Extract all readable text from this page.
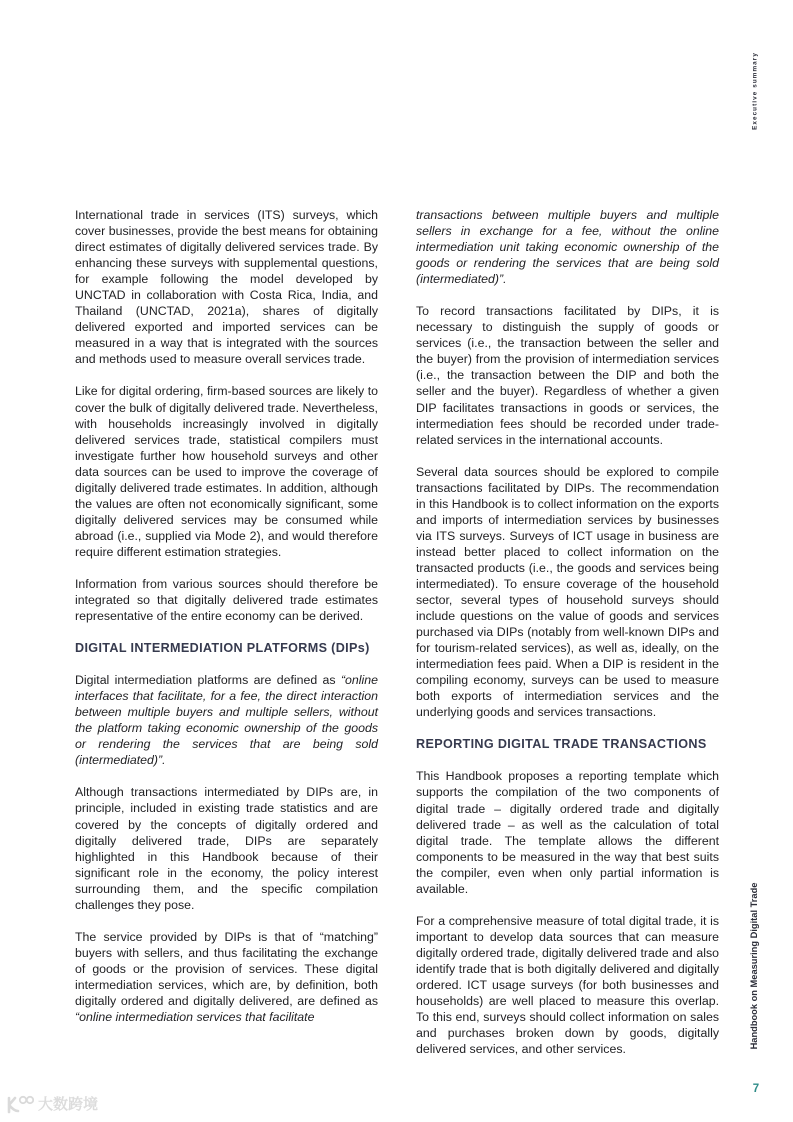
Executive summary

International trade in services (ITS) surveys, which cover businesses, provide the best means for obtaining direct estimates of digitally delivered services trade. By enhancing these surveys with supplemental questions, for example following the model developed by UNCTAD in collaboration with Costa Rica, India, and Thailand (UNCTAD, 2021a), shares of digitally delivered exported and imported services can be measured in a way that is integrated with the sources and methods used to measure overall services trade.

Like for digital ordering, firm-based sources are likely to cover the bulk of digitally delivered trade. Nevertheless, with households increasingly involved in digitally delivered services trade, statistical compilers must investigate further how household surveys and other data sources can be used to improve the coverage of digitally delivered trade estimates. In addition, although the values are often not economically significant, some digitally delivered services may be consumed while abroad (i.e., supplied via Mode 2), and would therefore require different estimation strategies.

Information from various sources should therefore be integrated so that digitally delivered trade estimates representative of the entire economy can be derived.

DIGITAL INTERMEDIATION PLATFORMS (DIPs)

Digital intermediation platforms are defined as “online interfaces that facilitate, for a fee, the direct interaction between multiple buyers and multiple sellers, without the platform taking economic ownership of the goods or rendering the services that are being sold (intermediated)”.

Although transactions intermediated by DIPs are, in principle, included in existing trade statistics and are covered by the concepts of digitally ordered and digitally delivered trade, DIPs are separately highlighted in this Handbook because of their significant role in the economy, the policy interest surrounding them, and the specific compilation challenges they pose.

The service provided by DIPs is that of “matching” buyers with sellers, and thus facilitating the exchange of goods or the provision of services. These digital intermediation services, which are, by definition, both digitally ordered and digitally delivered, are defined as “online intermediation services that facilitate

transactions between multiple buyers and multiple sellers in exchange for a fee, without the online intermediation unit taking economic ownership of the goods or rendering the services that are being sold (intermediated)”.

To record transactions facilitated by DIPs, it is necessary to distinguish the supply of goods or services (i.e., the transaction between the seller and the buyer) from the provision of intermediation services (i.e., the transaction between the DIP and both the seller and the buyer). Regardless of whether a given DIP facilitates transactions in goods or services, the intermediation fees should be recorded under trade-related services in the international accounts.

Several data sources should be explored to compile transactions facilitated by DIPs. The recommendation in this Handbook is to collect information on the exports and imports of intermediation services by businesses via ITS surveys. Surveys of ICT usage in business are instead better placed to collect information on the transacted products (i.e., the goods and services being intermediated). To ensure coverage of the household sector, several types of household surveys should include questions on the value of goods and services purchased via DIPs (notably from well-known DIPs and for tourism-related services), as well as, ideally, on the intermediation fees paid. When a DIP is resident in the compiling economy, surveys can be used to measure both exports of intermediation services and the underlying goods and services transactions.

REPORTING DIGITAL TRADE TRANSACTIONS

This Handbook proposes a reporting template which supports the compilation of the two components of digital trade – digitally ordered trade and digitally delivered trade – as well as the calculation of total digital trade. The template allows the different components to be measured in the way that best suits the compiler, even when only partial information is available.

For a comprehensive measure of total digital trade, it is important to develop data sources that can measure digitally ordered trade, digitally delivered trade and also identify trade that is both digitally delivered and digitally ordered. ICT usage surveys (for both businesses and households) are well placed to measure this overlap. To this end, surveys should collect information on sales and purchases broken down by goods, digitally delivered services, and other services.	Handbook on Measuring Digital Trade
7
大数跨境
